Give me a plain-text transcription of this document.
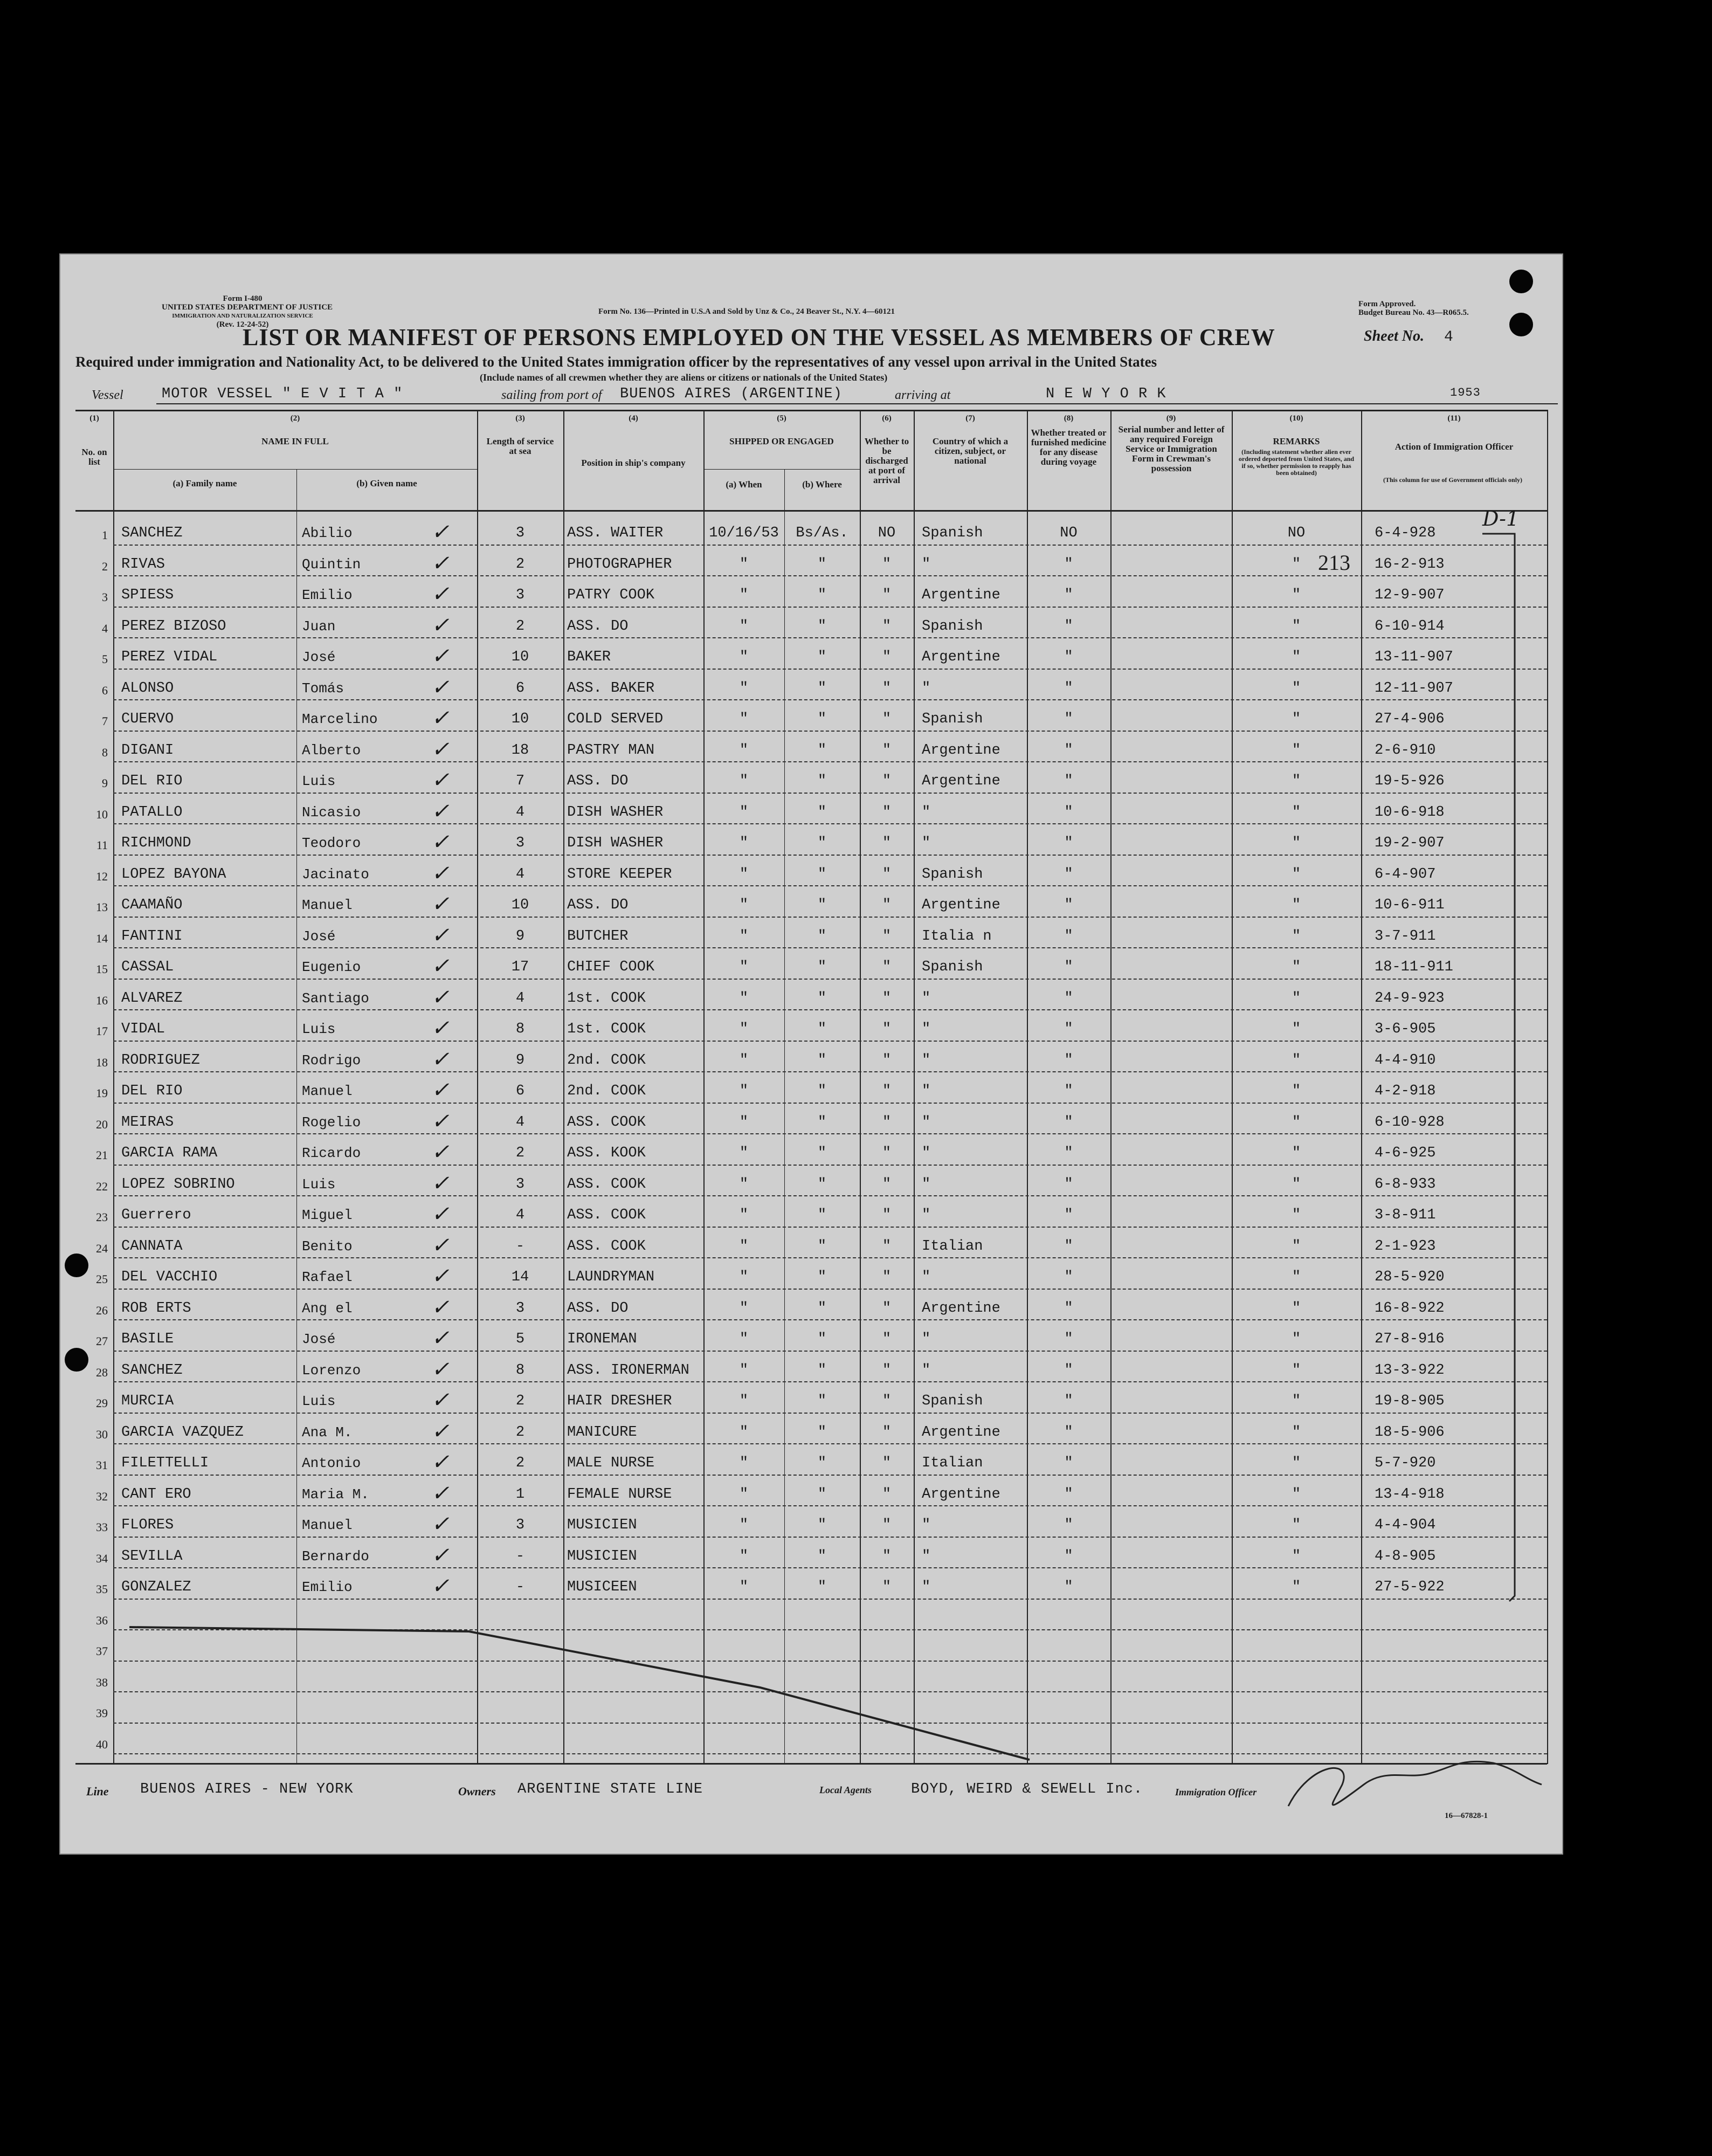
Form I-480
UNITED STATES DEPARTMENT OF JUSTICE
IMMIGRATION AND NATURALIZATION SERVICE
(Rev. 12-24-52)
Form No. 136—Printed in U.S.A and Sold by Unz & Co., 24 Beaver St., N.Y. 4—60121
Form Approved.
Budget Bureau No. 43—R065.5.
LIST OR MANIFEST OF PERSONS EMPLOYED ON THE VESSEL AS MEMBERS OF CREW	Sheet No. 4
Required under immigration and Nationality Act, to be delivered to the United States immigration officer by the representatives of any vessel upon arrival in the United States
(Include names of all crewmen whether they are aliens or citizens or nationals of the United States)
Vessel	MOTOR VESSEL " E V I T A "	sailing from port of BUENOS AIRES (ARGENTINE)	arriving at	N E W Y O R K	1953
(1)
No. on list
(2)
NAME IN FULL
(a) Family name	(b) Given name
(3)
Length of service at sea
(4)
Position in ship's company
(5)
SHIPPED OR ENGAGED
(a) When	(b) Where
(6)
Whether to be discharged at port of arrival
(7)
Country of which a citizen, subject, or national
(8)
Whether treated or furnished medicine for any disease during voyage
(9)
Serial number and letter of any required Foreign Service or Immigration Form in Crewman's possession
(10)
REMARKS
(Including statement whether alien ever ordered deported from United States, and if so, whether permission to reapply has been obtained)
(11)
Action of Immigration Officer
(This column for use of Government officials only)
1 SANCHEZ	Abilio	3	ASS. WAITER	10/16/53	Bs/As.	NO	Spanish	NO	NO	6-4-928
✓
2 RIVAS	Quintin	2	PHOTOGRAPHER	"	"	"	"	"	"	16-2-913
✓
3 SPIESS	Emilio	3	PATRY COOK	"	"	"	Argentine	"	"	12-9-907
✓
4 PEREZ BIZOSO	Juan	2	ASS. DO	"	"	"	Spanish	"	"	6-10-914
✓
5 PEREZ VIDAL	José	10	BAKER	"	"	"	Argentine	"	"	13-11-907
✓
6 ALONSO	Tomás	6	ASS. BAKER	"	"	"	"	"	"	12-11-907
✓
7 CUERVO	Marcelino	10	COLD SERVED	"	"	"	Spanish	"	"	27-4-906
✓
8 DIGANI	Alberto	18	PASTRY MAN	"	"	"	Argentine	"	"	2-6-910
✓
9 DEL RIO	Luis	7	ASS. DO	"	"	"	Argentine	"	"	19-5-926
✓
10 PATALLO	Nicasio	4	DISH WASHER	"	"	"	"	"	"	10-6-918
✓
11 RICHMOND	Teodoro	3	DISH WASHER	"	"	"	"	"	"	19-2-907
✓
12 LOPEZ BAYONA	Jacinato	4	STORE KEEPER	"	"	"	Spanish	"	"	6-4-907
✓
13 CAAMAÑO	Manuel	10	ASS. DO	"	"	"	Argentine	"	"	10-6-911
✓
14 FANTINI	José	9	BUTCHER	"	"	"	Italia n	"	"	3-7-911
✓
15 CASSAL	Eugenio	17	CHIEF COOK	"	"	"	Spanish	"	"	18-11-911
✓
16 ALVAREZ	Santiago	4	1st. COOK	"	"	"	"	"	"	24-9-923
✓
17 VIDAL	Luis	8	1st. COOK	"	"	"	"	"	"	3-6-905
✓
18 RODRIGUEZ	Rodrigo	9	2nd. COOK	"	"	"	"	"	"	4-4-910
✓
19 DEL RIO	Manuel	6	2nd. COOK	"	"	"	"	"	"	4-2-918
✓
20 MEIRAS	Rogelio	4	ASS. COOK	"	"	"	"	"	"	6-10-928
✓
21 GARCIA RAMA	Ricardo	2	ASS. KOOK	"	"	"	"	"	"	4-6-925
✓
22 LOPEZ SOBRINO	Luis	3	ASS. COOK	"	"	"	"	"	"	6-8-933
✓
23 Guerrero	Miguel	4	ASS. COOK	"	"	"	"	"	"	3-8-911
✓
24 CANNATA	Benito	-	ASS. COOK	"	"	"	Italian	"	"	2-1-923
✓
25 DEL VACCHIO	Rafael	14	LAUNDRYMAN	"	"	"	"	"	"	28-5-920
✓
26 ROB ERTS	Ang el	3	ASS. DO	"	"	"	Argentine	"	"	16-8-922
✓
27 BASILE	José	5	IRONEMAN	"	"	"	"	"	"	27-8-916
✓
28 SANCHEZ	Lorenzo	8	ASS. IRONERMAN	"	"	"	"	"	"	13-3-922
✓
29 MURCIA	Luis	2	HAIR DRESHER	"	"	"	Spanish	"	"	19-8-905
✓
30 GARCIA VAZQUEZ	Ana M.	2	MANICURE	"	"	"	Argentine	"	"	18-5-906
✓
31 FILETTELLI	Antonio	2	MALE NURSE	"	"	"	Italian	"	"	5-7-920
✓
32 CANT ERO	Maria M.	1	FEMALE NURSE	"	"	"	Argentine	"	"	13-4-918
✓
33 FLORES	Manuel	3	MUSICIEN	"	"	"	"	"	"	4-4-904
✓
34 SEVILLA	Bernardo	-	MUSICIEN	"	"	"	"	"	"	4-8-905
✓
35 GONZALEZ	Emilio	-	MUSICEEN	"	"	"	"	"	"	27-5-922
✓
36
37
38
39
40
D-1
213
Line BUENOS AIRES - NEW YORK	Owners ARGENTINE STATE LINE	Local Agents	BOYD, WEIRD & SEWELL Inc.	Immigration Officer
16—67828-1
